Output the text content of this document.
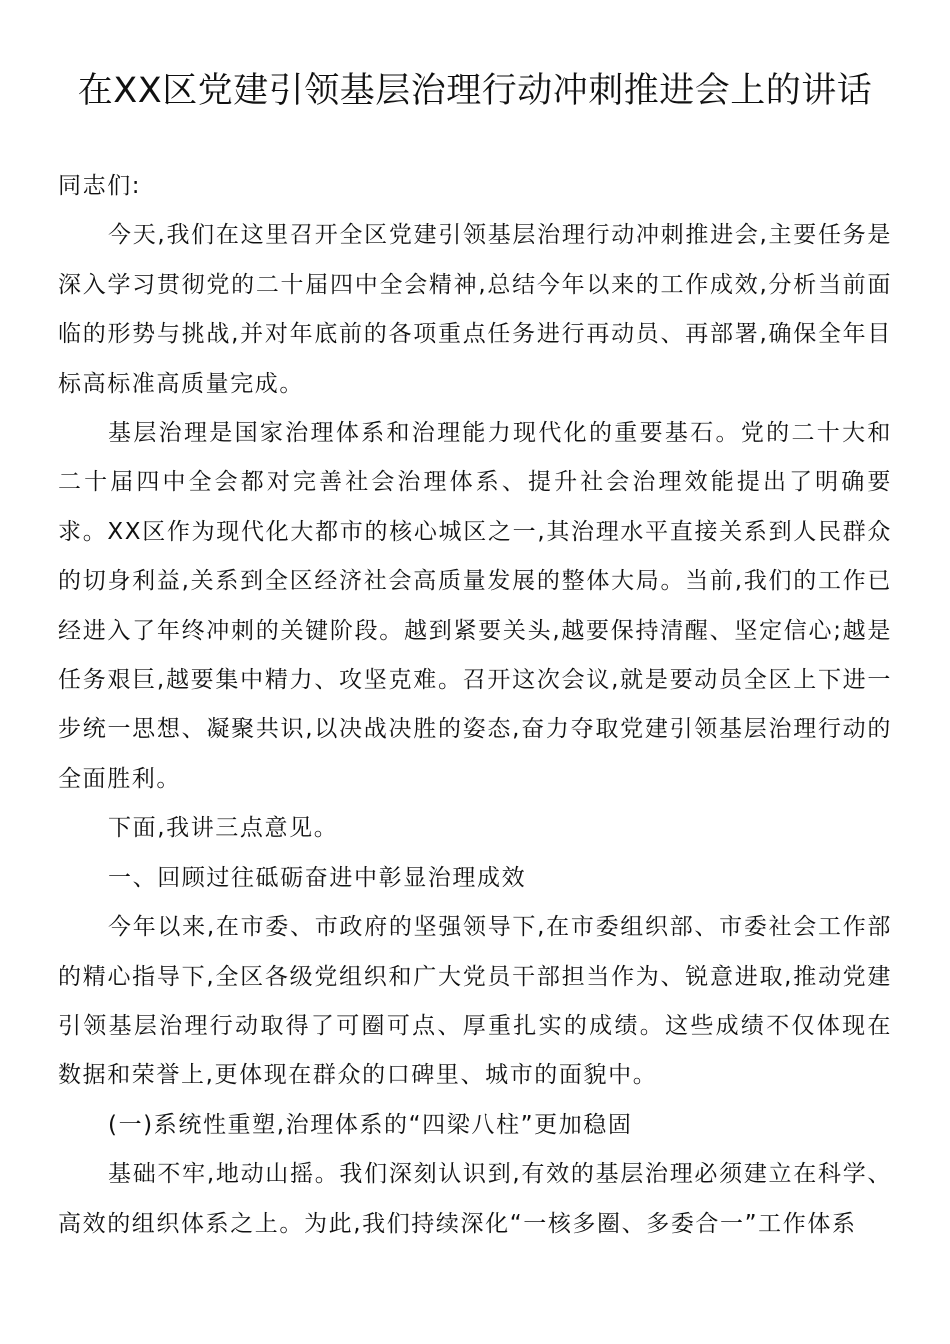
在XX区党建引领基层治理行动冲刺推进会上的讲话

同志们:

今天,我们在这里召开全区党建引领基层治理行动冲刺推进会,主要任务是深入学习贯彻党的二十届四中全会精神,总结今年以来的工作成效,分析当前面临的形势与挑战,并对年底前的各项重点任务进行再动员、再部署,确保全年目标高标准高质量完成。

基层治理是国家治理体系和治理能力现代化的重要基石。党的二十大和二十届四中全会都对完善社会治理体系、提升社会治理效能提出了明确要求。XX区作为现代化大都市的核心城区之一,其治理水平直接关系到人民群众的切身利益,关系到全区经济社会高质量发展的整体大局。当前,我们的工作已经进入了年终冲刺的关键阶段。越到紧要关头,越要保持清醒、坚定信心;越是任务艰巨,越要集中精力、攻坚克难。召开这次会议,就是要动员全区上下进一步统一思想、凝聚共识,以决战决胜的姿态,奋力夺取党建引领基层治理行动的全面胜利。

下面,我讲三点意见。

一、回顾过往砥砺奋进中彰显治理成效

今年以来,在市委、市政府的坚强领导下,在市委组织部、市委社会工作部的精心指导下,全区各级党组织和广大党员干部担当作为、锐意进取,推动党建引领基层治理行动取得了可圈可点、厚重扎实的成绩。这些成绩不仅体现在数据和荣誉上,更体现在群众的口碑里、城市的面貌中。

(一)系统性重塑,治理体系的“四梁八柱”更加稳固

基础不牢,地动山摇。我们深刻认识到,有效的基层治理必须建立在科学、高效的组织体系之上。为此,我们持续深化“一核多圈、多委合一”工作体系
